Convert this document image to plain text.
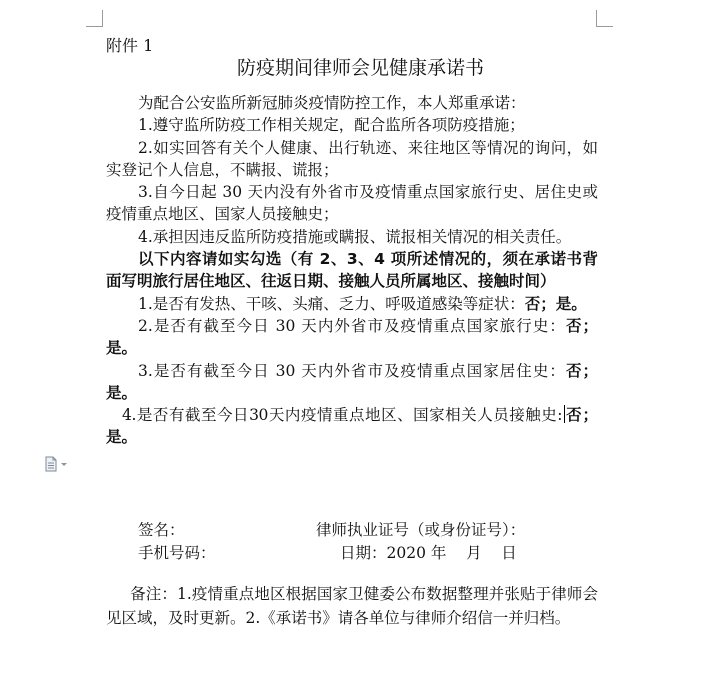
附件 1
防疫期间律师会见健康承诺书

为配合公安监所新冠肺炎疫情防控工作，本人郑重承诺：

1.遵守监所防疫工作相关规定，配合监所各项防疫措施；

2.如实回答有关个人健康、出行轨迹、来往地区等情况的询问，如实登记个人信息，不瞒报、谎报；

3.自今日起 30 天内没有外省市及疫情重点国家旅行史、居住史或疫情重点地区、国家人员接触史；

4.承担因违反监所防疫措施或瞒报、谎报相关情况的相关责任。

以下内容请如实勾选（有 2、3、4 项所述情况的，须在承诺书背面写明旅行居住地区、往返日期、接触人员所属地区、接触时间）

1.是否有发热、干咳、头痛、乏力、呼吸道感染等症状：否；是。

2.是否有截至今日 30 天内外省市及疫情重点国家旅行史：否；是。

3.是否有截至今日 30 天内外省市及疫情重点国家居住史：否；是。

4.是否有截至今日30天内疫情重点地区、国家相关人员接触史: 否；是。

签名：	律师执业证号（或身份证号）：
手机号码：	日期：2020 年    月    日
备注：1.疫情重点地区根据国家卫健委公布数据整理并张贴于律师会见区域，及时更新。2.《承诺书》请各单位与律师介绍信一并归档。
